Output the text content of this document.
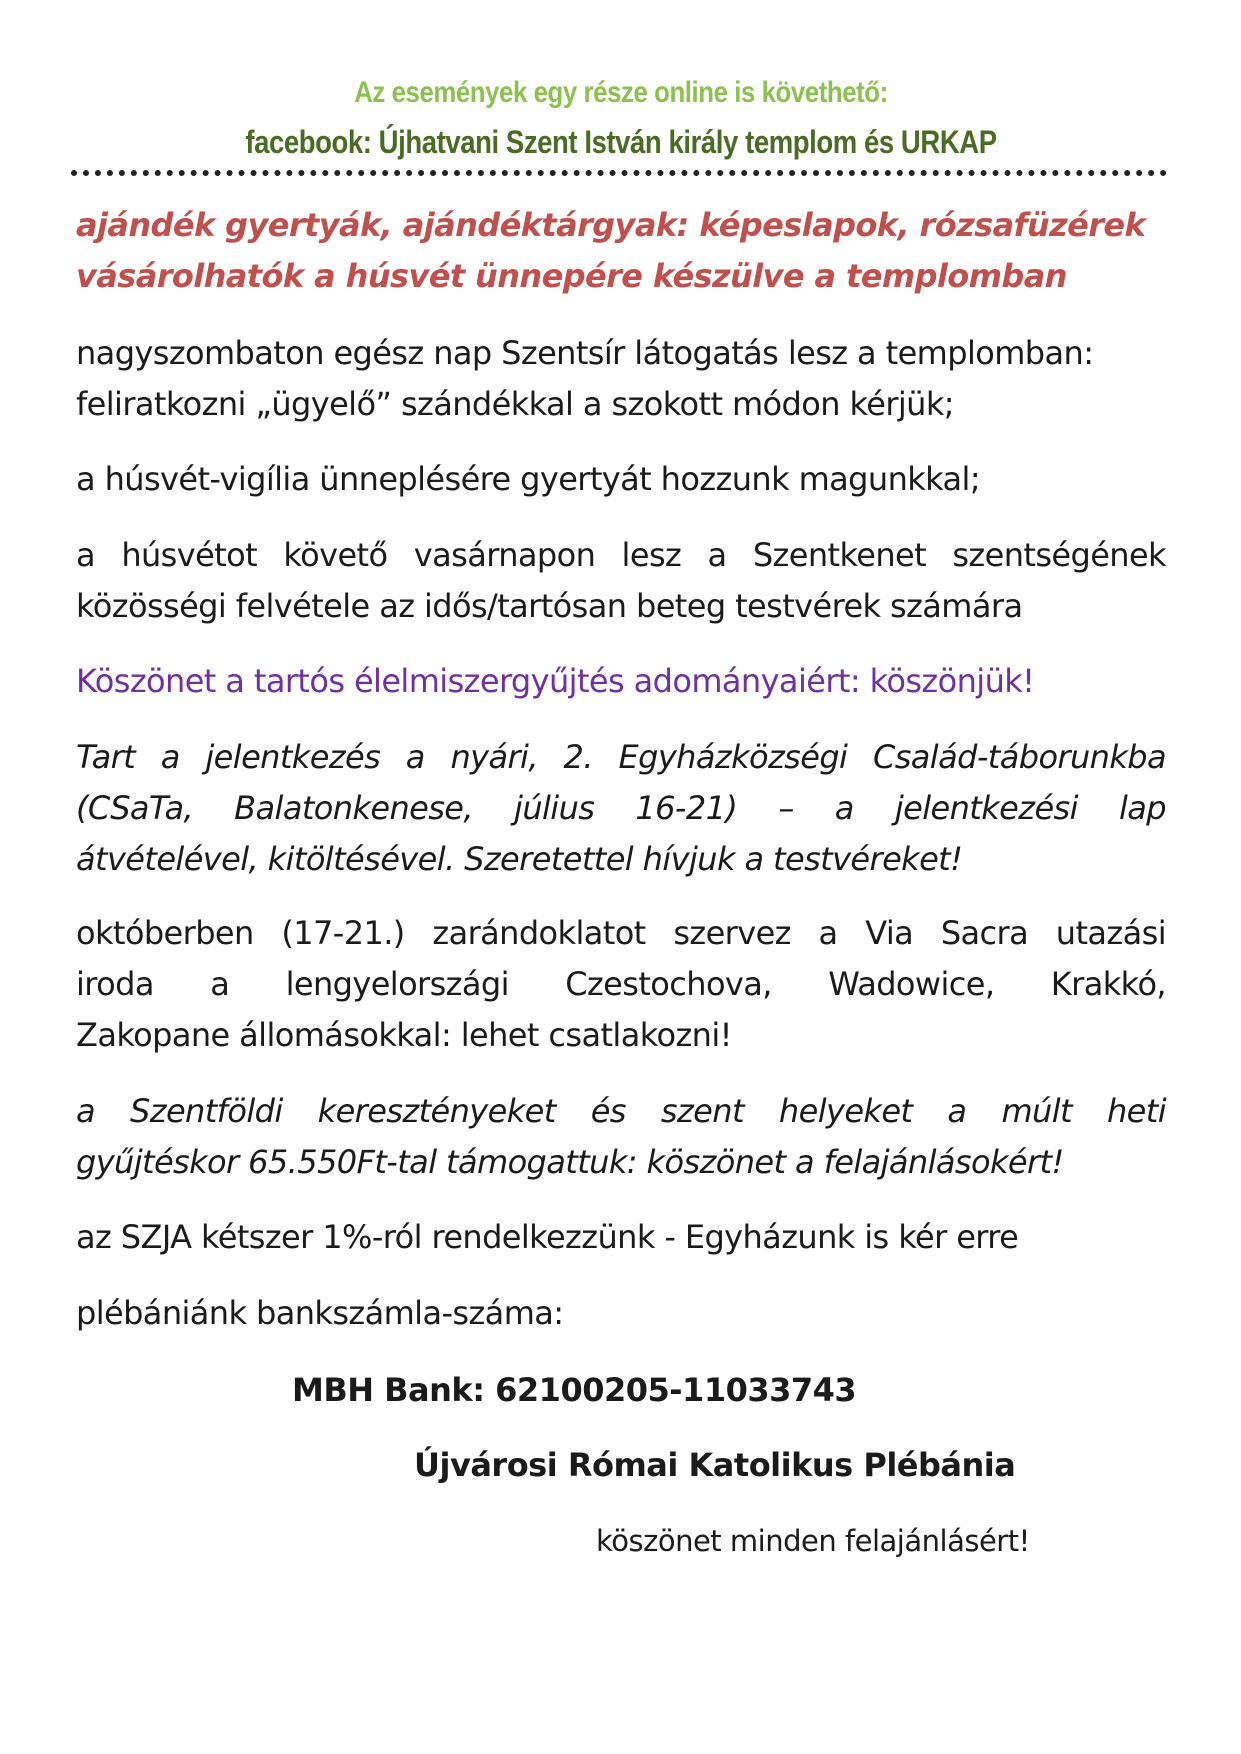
Az események egy része online is követhető:
facebook: Újhatvani Szent István király templom és URKAP
ajándék gyertyák, ajándéktárgyak: képeslapok, rózsafüzérek
vásárolhatók a húsvét ünnepére készülve a templomban
nagyszombaton egész nap Szentsír látogatás lesz a templomban:
feliratkozni „ügyelő” szándékkal a szokott módon kérjük;
a húsvét-vigília ünneplésére gyertyát hozzunk magunkkal;
a húsvétot követő vasárnapon lesz a Szentkenet szentségének
közösségi felvétele az idős/tartósan beteg testvérek számára
Köszönet a tartós élelmiszergyűjtés adományaiért: köszönjük!
Tart a jelentkezés a nyári, 2. Egyházközségi Család-táborunkba
(CSaTa, Balatonkenese, július 16-21) – a jelentkezési lap
átvételével, kitöltésével. Szeretettel hívjuk a testvéreket!
októberben (17-21.) zarándoklatot szervez a Via Sacra utazási
iroda a lengyelországi Czestochova, Wadowice, Krakkó,
Zakopane állomásokkal: lehet csatlakozni!
a Szentföldi keresztényeket és szent helyeket a múlt heti
gyűjtéskor 65.550Ft-tal támogattuk: köszönet a felajánlásokért!
az SZJA kétszer 1%-ról rendelkezzünk - Egyházunk is kér erre
plébániánk bankszámla-száma:
MBH Bank: 62100205-11033743
Újvárosi Római Katolikus Plébánia
köszönet minden felajánlásért!
